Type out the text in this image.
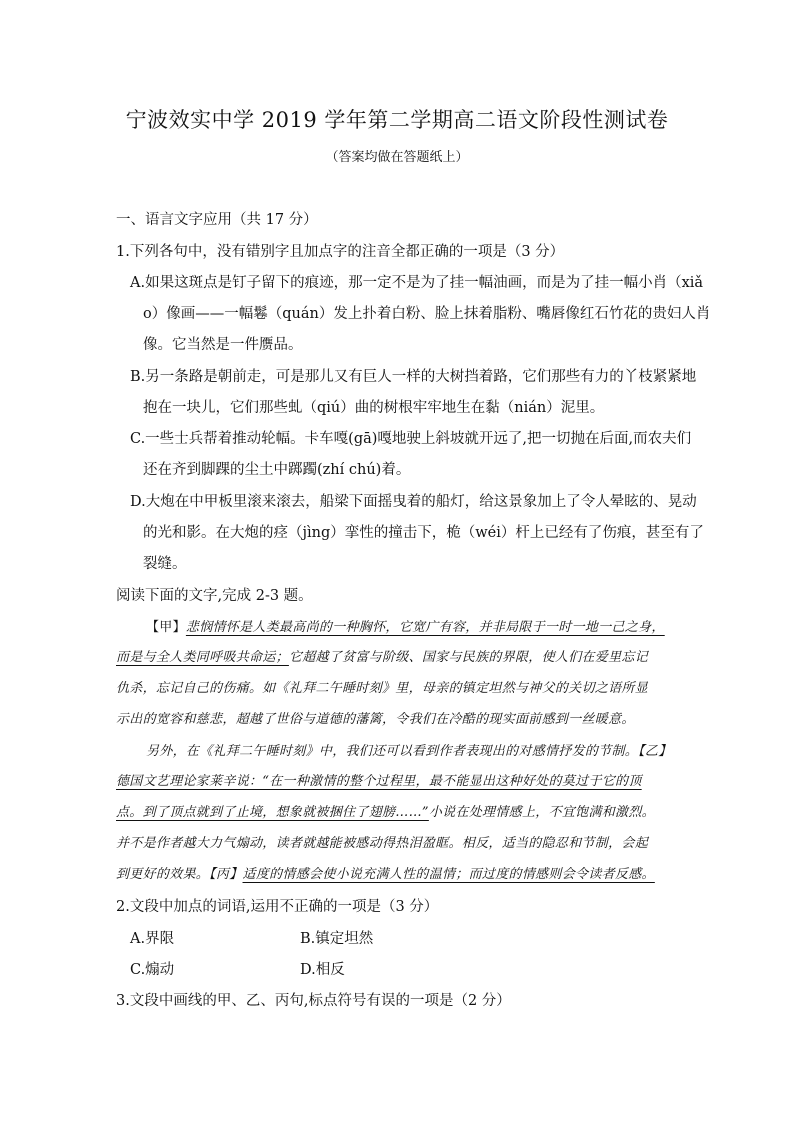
宁波效实中学 2019 学年第二学期高二语文阶段性测试卷
（答案均做在答题纸上）
一、语言文字应用（共 17 分）
1.下列各句中，没有错别字且加点字的注音全都正确的一项是（3 分）
A.如果这斑点是钉子留下的痕迹，那一定不是为了挂一幅油画，而是为了挂一幅小肖（xiǎ
o）像画——一幅鬈（quán）发上扑着白粉、脸上抹着脂粉、嘴唇像红石竹花的贵妇人肖
像。它当然是一件赝品。
B.另一条路是朝前走，可是那儿又有巨人一样的大树挡着路，它们那些有力的丫枝紧紧地
抱在一块儿，它们那些虬（qiú）曲的树根牢牢地生在黏（nián）泥里。
C.一些士兵帮着推动轮幅。卡车嘎(gā)嘎地驶上斜坡就开远了,把一切抛在后面,而农夫们
还在齐到脚踝的尘土中踯躅(zhí chú)着。
D.大炮在中甲板里滚来滚去，船梁下面摇曳着的船灯，给这景象加上了令人晕眩的、晃动
的光和影。在大炮的痉（jìng）挛性的撞击下，桅（wéi）杆上已经有了伤痕，甚至有了
裂缝。
阅读下面的文字,完成 2-3 题。
【甲】悲悯情怀是人类最高尚的一种胸怀，它宽广有容，并非局限于一时一地一己之身，
而是与全人类同呼吸共命运；它超越了贫富与阶级、国家与民族的界限，使人们在爱里忘记
仇杀，忘记自己的伤痛。如《礼拜二午睡时刻》里，母亲的镇定坦然与神父的关切之语所显
示出的宽容和慈悲，超越了世俗与道德的藩篱，令我们在冷酷的现实面前感到一丝暖意。
另外，在《礼拜二午睡时刻》中，我们还可以看到作者表现出的对感情抒发的节制。【乙】
德国文艺理论家莱辛说：“在一种激情的整个过程里，最不能显出这种好处的莫过于它的顶
点。到了顶点就到了止境，想象就被捆住了翅膀……”小说在处理情感上，不宜饱满和激烈。
并不是作者越大力气煽动，读者就越能被感动得热泪盈眶。相反，适当的隐忍和节制，会起
到更好的效果。【丙】适度的情感会使小说充满人性的温情；而过度的情感则会令读者反感。
2.文段中加点的词语,运用不正确的一项是（3 分）
A.界限	B.镇定坦然
C.煽动	D.相反
3.文段中画线的甲、乙、丙句,标点符号有误的一项是（2 分）
